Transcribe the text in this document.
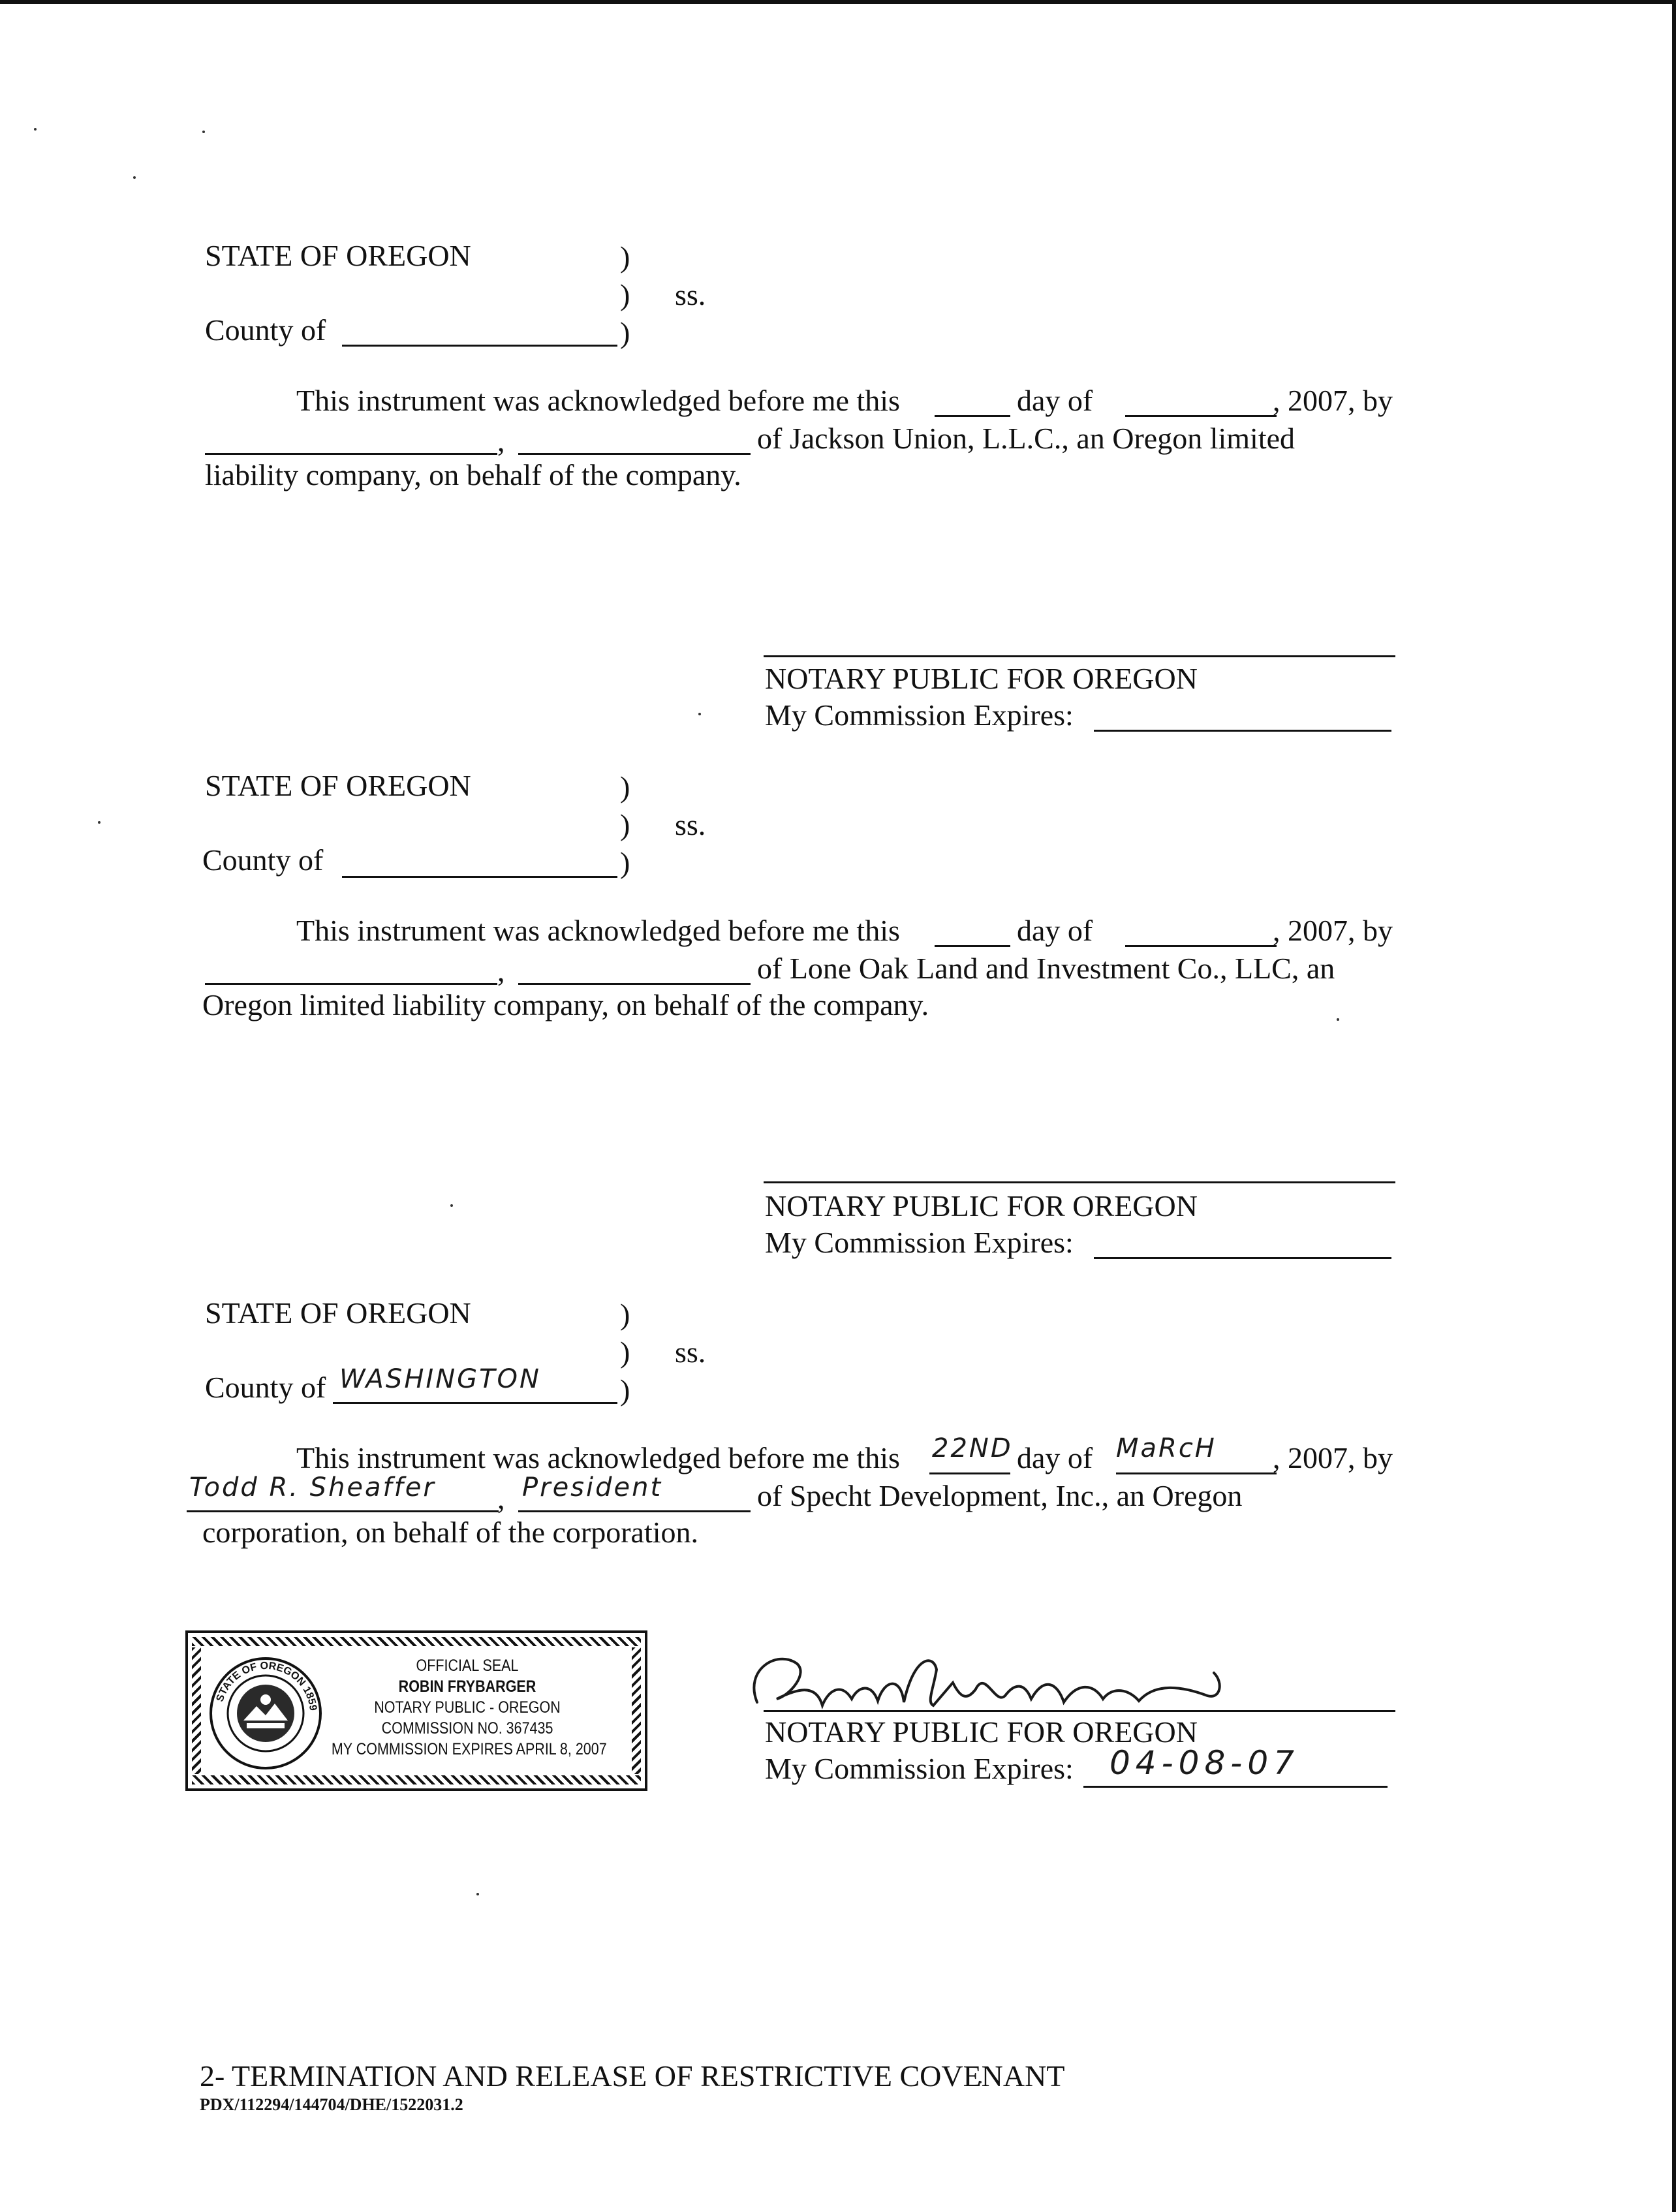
STATE OF OREGON	)
) ss.
)
County of
This instrument was acknowledged before me this	day of	, 2007, by
,	of Jackson Union, L.L.C., an Oregon limited
liability company, on behalf of the company.
NOTARY PUBLIC FOR OREGON
My Commission Expires:
STATE OF OREGON	)
) ss.
)
County of
This instrument was acknowledged before me this	day of	, 2007, by
,	of Lone Oak Land and Investment Co., LLC, an
Oregon limited liability company, on behalf of the company.
NOTARY PUBLIC FOR OREGON
My Commission Expires:
STATE OF OREGON	)
) ss.
)
County of WASHINGTON
This instrument was acknowledged before me this 22ND day of MaRcH , 2007, by
Todd R. Sheaffer , President	of Specht Development, Inc., an Oregon
corporation, on behalf of the corporation.
STATE OF OREGON 1859
OFFICIAL SEAL
ROBIN FRYBARGER
NOTARY PUBLIC - OREGON
COMMISSION NO. 367435
MY COMMISSION EXPIRES APRIL 8, 2007
Robin Frybarger
NOTARY PUBLIC FOR OREGON
My Commission Expires: 04-08-07
2- TERMINATION AND RELEASE OF RESTRICTIVE COVENANT
PDX/112294/144704/DHE/1522031.2
